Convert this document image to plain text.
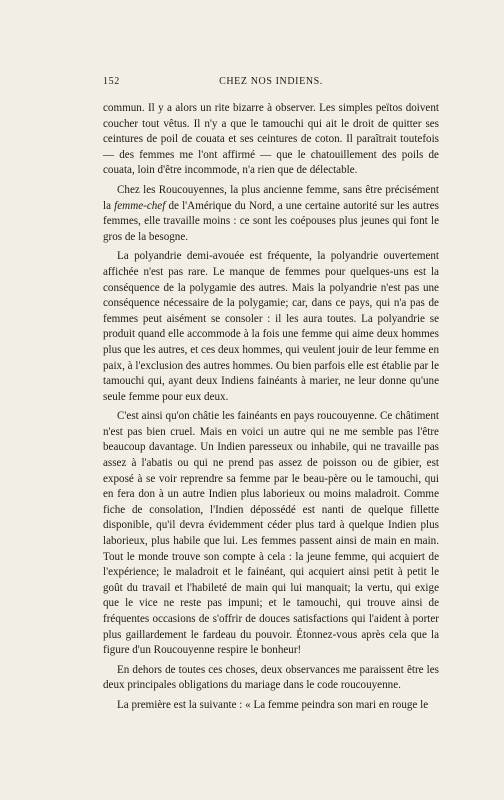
152	CHEZ NOS INDIENS.

commun. Il y a alors un rite bizarre à observer. Les simples peïtos doivent coucher tout vêtus. Il n'y a que le tamouchi qui ait le droit de quitter ses ceintures de poil de couata et ses ceintures de coton. Il paraîtrait toutefois — des femmes me l'ont affirmé — que le chatouillement des poils de couata, loin d'être incommode, n'a rien que de délectable.

Chez les Roucouyennes, la plus ancienne femme, sans être précisément la femme-chef de l'Amérique du Nord, a une certaine autorité sur les autres femmes, elle travaille moins : ce sont les coépouses plus jeunes qui font le gros de la besogne.

La polyandrie demi-avouée est fréquente, la polyandrie ouvertement affichée n'est pas rare. Le manque de femmes pour quelques-uns est la conséquence de la polygamie des autres. Mais la polyandrie n'est pas une conséquence nécessaire de la polygamie; car, dans ce pays, qui n'a pas de femmes peut aisément se consoler : il les aura toutes. La polyandrie se produit quand elle accommode à la fois une femme qui aime deux hommes plus que les autres, et ces deux hommes, qui veulent jouir de leur femme en paix, à l'exclusion des autres hommes. Ou bien parfois elle est établie par le tamouchi qui, ayant deux Indiens fainéants à marier, ne leur donne qu'une seule femme pour eux deux.

C'est ainsi qu'on châtie les fainéants en pays roucouyenne. Ce châtiment n'est pas bien cruel. Mais en voici un autre qui ne me semble pas l'être beaucoup davantage. Un Indien paresseux ou inhabile, qui ne travaille pas assez à l'abatis ou qui ne prend pas assez de poisson ou de gibier, est exposé à se voir reprendre sa femme par le beau-père ou le tamouchi, qui en fera don à un autre Indien plus laborieux ou moins maladroit. Comme fiche de consolation, l'Indien dépossédé est nanti de quelque fillette disponible, qu'il devra évidemment céder plus tard à quelque Indien plus laborieux, plus habile que lui. Les femmes passent ainsi de main en main. Tout le monde trouve son compte à cela : la jeune femme, qui acquiert de l'expérience; le maladroit et le fainéant, qui acquiert ainsi petit à petit le goût du travail et l'habileté de main qui lui manquait; la vertu, qui exige que le vice ne reste pas impuni; et le tamouchi, qui trouve ainsi de fréquentes occasions de s'offrir de douces satisfactions qui l'aident à porter plus gaillardement le fardeau du pouvoir. Étonnez-vous après cela que la figure d'un Roucouyenne respire le bonheur!

En dehors de toutes ces choses, deux observances me paraissent être les deux principales obligations du mariage dans le code roucouyenne.

La première est la suivante : « La femme peindra son mari en rouge le
